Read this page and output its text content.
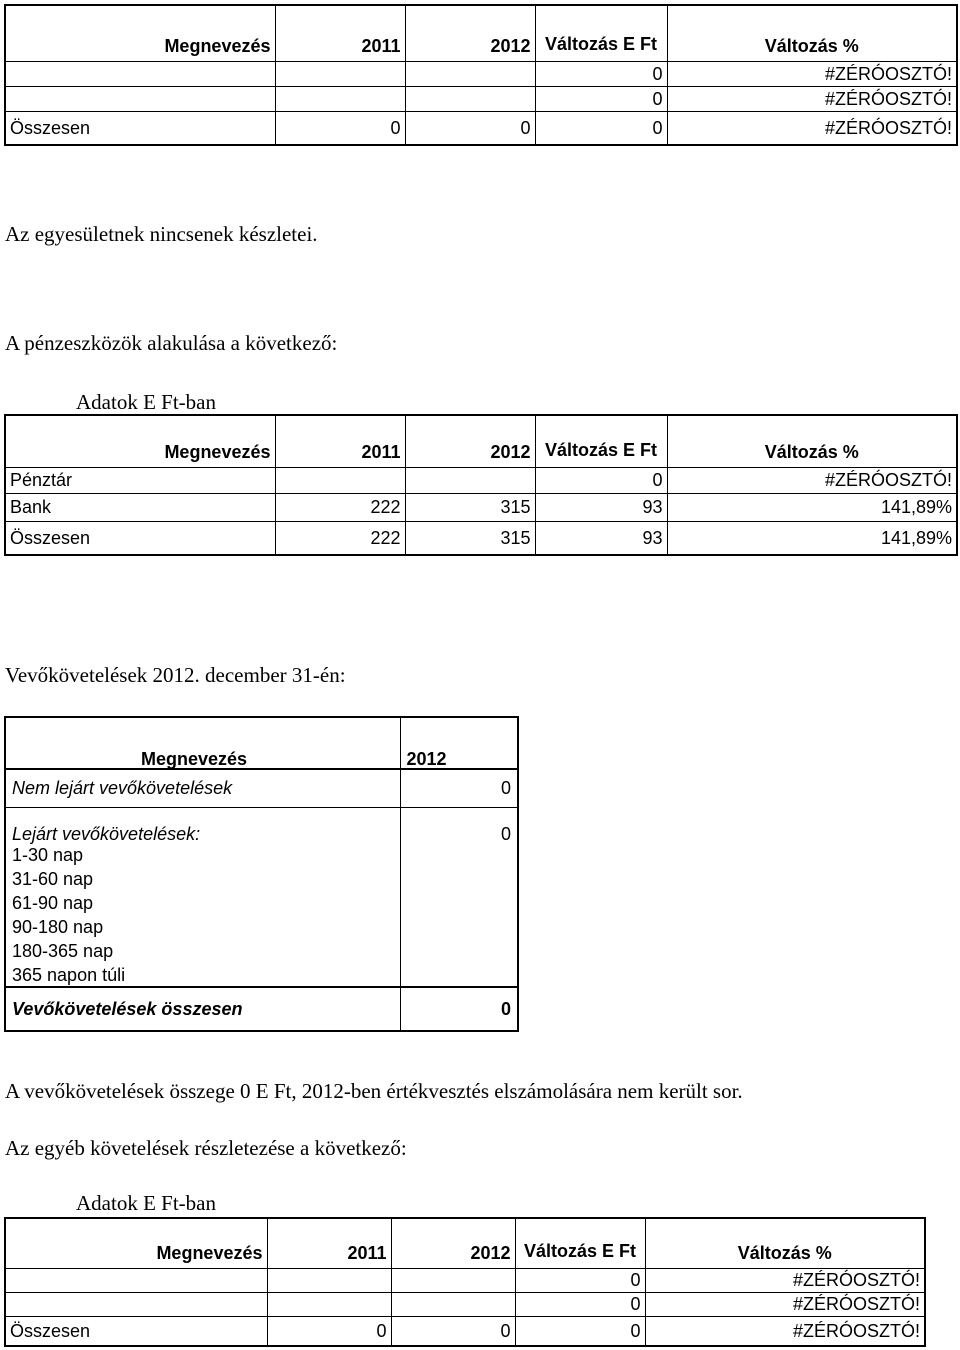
Megnevezés	2011	2012	Változás E Ft	Változás %
			0	#ZÉRÓOSZTÓ!
			0	#ZÉRÓOSZTÓ!
Összesen	0	0	0	#ZÉRÓOSZTÓ!
Az egyesületnek nincsenek készletei.
A pénzeszközök alakulása a következő:
Adatok E Ft-ban
Megnevezés	2011	2012	Változás E Ft	Változás %
Pénztár			0	#ZÉRÓOSZTÓ!
Bank	222	315	93	141,89%
Összesen	222	315	93	141,89%
Vevőkövetelések 2012. december 31-én:
Megnevezés	2012
Nem lejárt vevőkövetelések	0
Lejárt vevőkövetelések:	0
1-30 nap	
31-60 nap	
61-90 nap	
90-180 nap	
180-365 nap	
365 napon túli	
Vevőkövetelések összesen	0
A vevőkövetelések összege 0 E Ft, 2012-ben értékvesztés elszámolására nem került sor.
Az egyéb követelések részletezése a következő:
Adatok E Ft-ban
Megnevezés	2011	2012	Változás E Ft	Változás %
			0	#ZÉRÓOSZTÓ!
			0	#ZÉRÓOSZTÓ!
Összesen	0	0	0	#ZÉRÓOSZTÓ!
